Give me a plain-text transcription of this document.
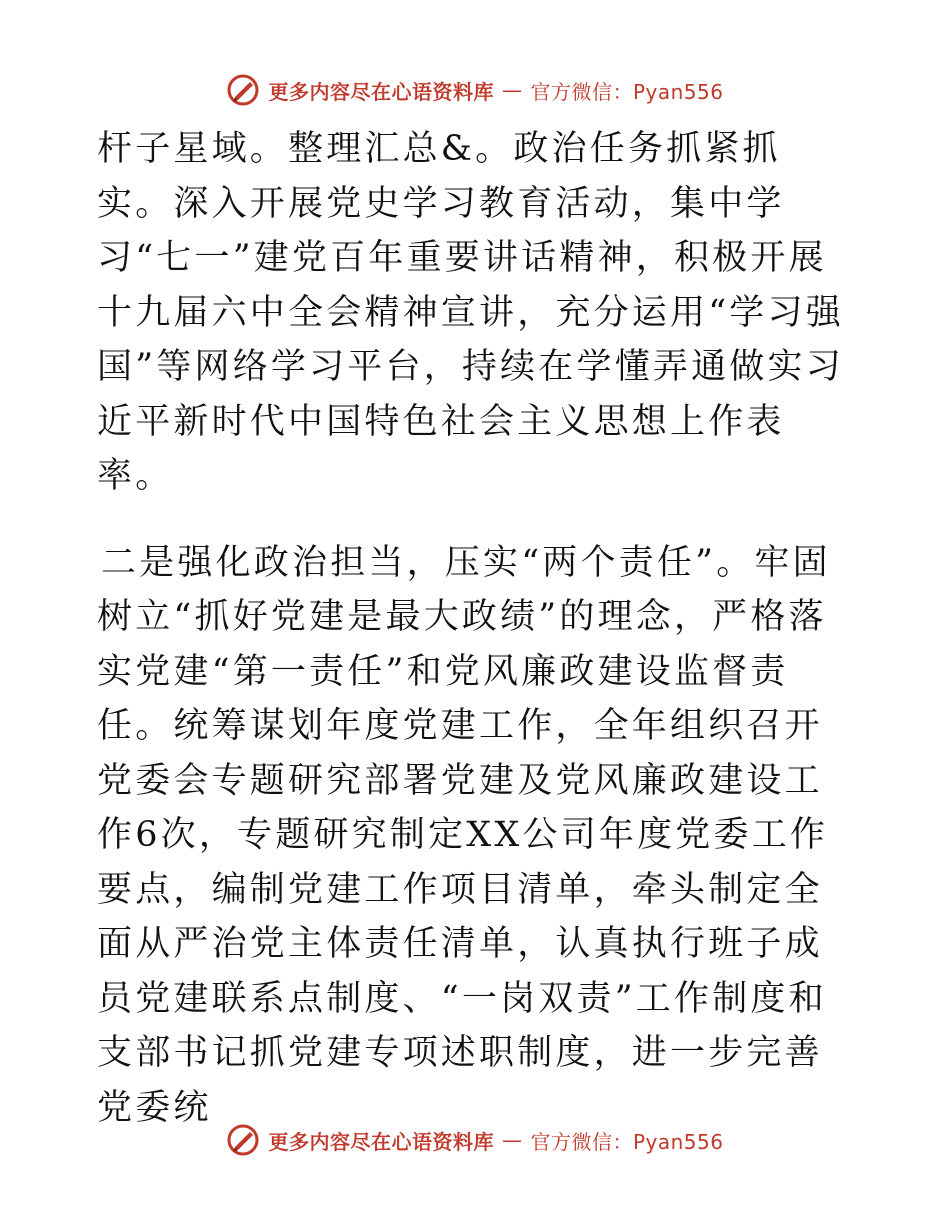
更多内容尽在心语资料库 — 官方微信：Pyan556

杆子星域。整理汇总&。政治任务抓紧抓实。深入开展党史学习教育活动，集中学习“七一”建党百年重要讲话精神，积极开展十九届六中全会精神宣讲，充分运用“学习强国”等网络学习平台，持续在学懂弄通做实习近平新时代中国特色社会主义思想上作表率。

二是强化政治担当，压实“两个责任”。牢固树立“抓好党建是最大政绩”的理念，严格落实党建“第一责任”和党风廉政建设监督责任。统筹谋划年度党建工作，全年组织召开党委会专题研究部署党建及党风廉政建设工作6次，专题研究制定XX公司年度党委工作要点，编制党建工作项目清单，牵头制定全面从严治党主体责任清单，认真执行班子成员党建联系点制度、“一岗双责”工作制度和支部书记抓党建专项述职制度，进一步完善党委统

更多内容尽在心语资料库 — 官方微信：Pyan556
